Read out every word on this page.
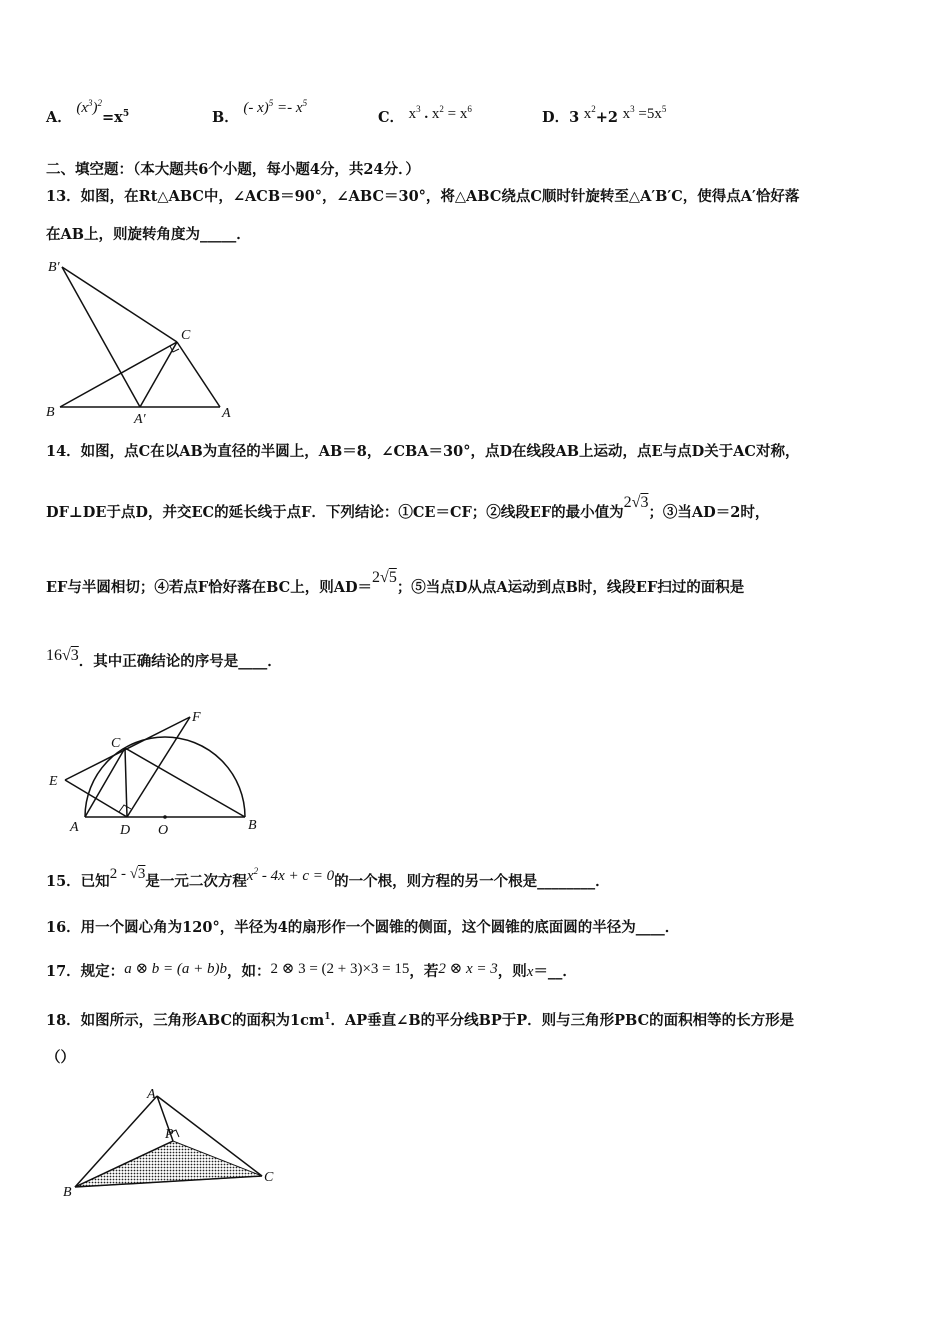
A． $(x^3)^2=x^5$	B． (- $x)^5 =- x^5$
C． $x^3$ . $x^2 = x^6$	D．3 $x^2+2$ $x^3 =5x^5$
二、填空题：（本大题共6个小题，每小题4分，共24分．）
13．如图，在Rt△ABC中，∠ACB＝90°，∠ABC＝30°，将△ABC绕点C顺时针旋转至△A′B′C，使得点A′恰好落
在AB上，则旋转角度为_____．
B′
C
B	A′	A
14．如图，点C在以AB为直径的半圆上，AB＝8，∠CBA＝30°，点D在线段AB上运动，点E与点D关于AC对称，
DF⊥DE于点D，并交EC的延长线于点F．下列结论：①CE＝CF；②线段EF的最小值为2√3；③当AD＝2时，
EF与半圆相切；④若点F恰好落在BC上，则AD＝2√5；⑤当点D从点A运动到点B时，线段EF扫过的面积是
16√3．其中正确结论的序号是____．
F
C
E
A	D O	B
15．已知2 - √3是一元二次方程$x^2 - 4x + c = 0$的一个根，则方程的另一个根是________．
16．用一个圆心角为120°，半径为4的扇形作一个圆锥的侧面，这个圆锥的底面圆的半径为____．
17．规定：a ⊗ b = (a + b)b，如：2 ⊗ 3 = (2 + 3)×3 = 15，若2 ⊗ x = 3，则x＝__．
18．如图所示，三角形ABC的面积为$1cm^1$．AP垂直∠B的平分线BP于P．则与三角形PBC的面积相等的长方形是
（）
A
P
B
C
